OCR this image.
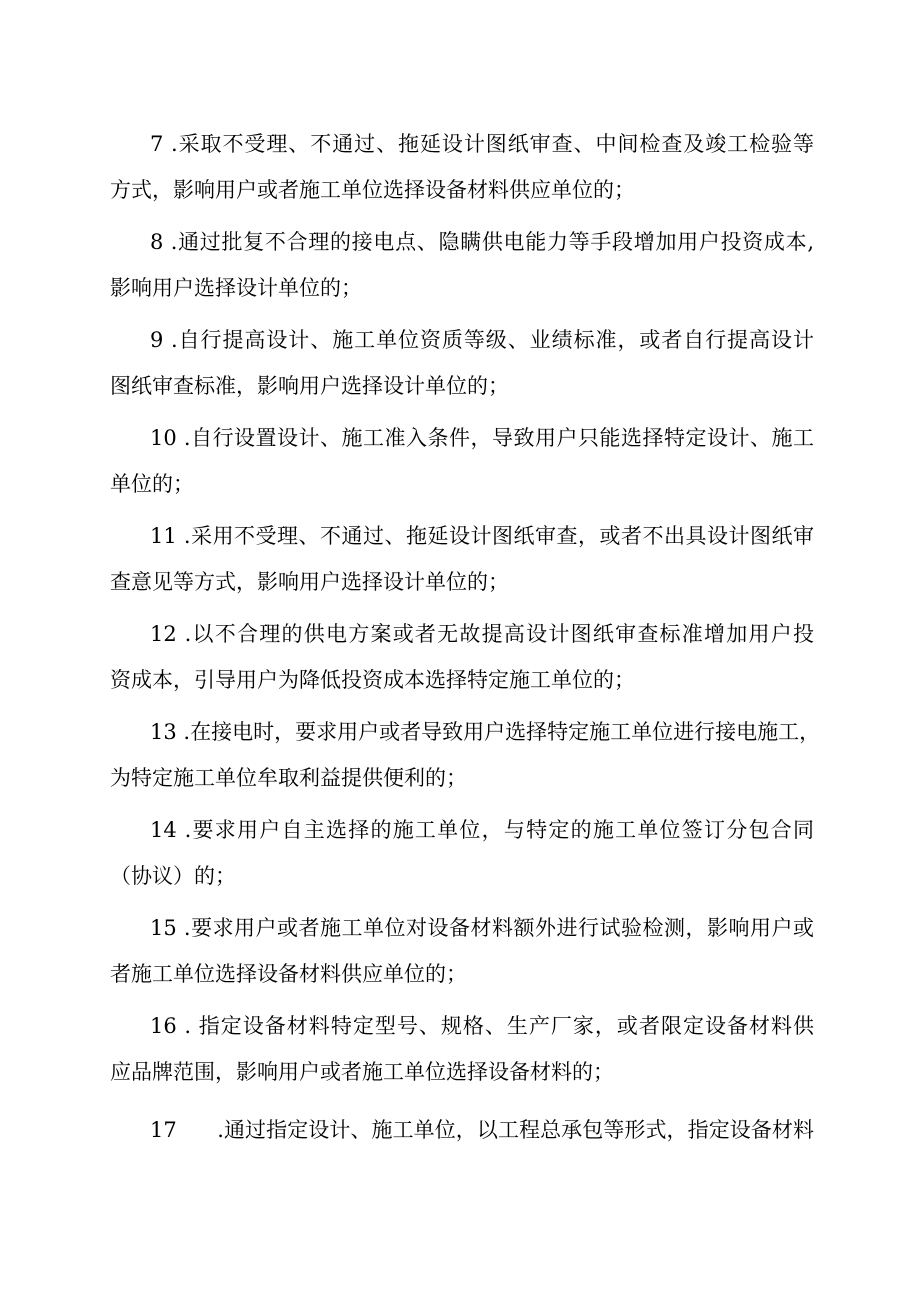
7 .采取不受理、不通过、拖延设计图纸审查、中间检查及竣工检验等
方式，影响用户或者施工单位选择设备材料供应单位的；
8 .通过批复不合理的接电点、隐瞒供电能力等手段增加用户投资成本,
影响用户选择设计单位的；
9 .自行提高设计、施工单位资质等级、业绩标准，或者自行提高设计
图纸审查标准，影响用户选择设计单位的；
10 .自行设置设计、施工准入条件，导致用户只能选择特定设计、施工
单位的；
11 .采用不受理、不通过、拖延设计图纸审查，或者不出具设计图纸审
查意见等方式，影响用户选择设计单位的；
12 .以不合理的供电方案或者无故提高设计图纸审查标准增加用户投
资成本，引导用户为降低投资成本选择特定施工单位的；
13 .在接电时，要求用户或者导致用户选择特定施工单位进行接电施工，
为特定施工单位牟取利益提供便利的；
14 .要求用户自主选择的施工单位，与特定的施工单位签订分包合同
（协议）的；
15 .要求用户或者施工单位对设备材料额外进行试验检测，影响用户或
者施工单位选择设备材料供应单位的；
16 . 指定设备材料特定型号、规格、生产厂家，或者限定设备材料供
应品牌范围，影响用户或者施工单位选择设备材料的；
17      .通过指定设计、施工单位，以工程总承包等形式，指定设备材料
